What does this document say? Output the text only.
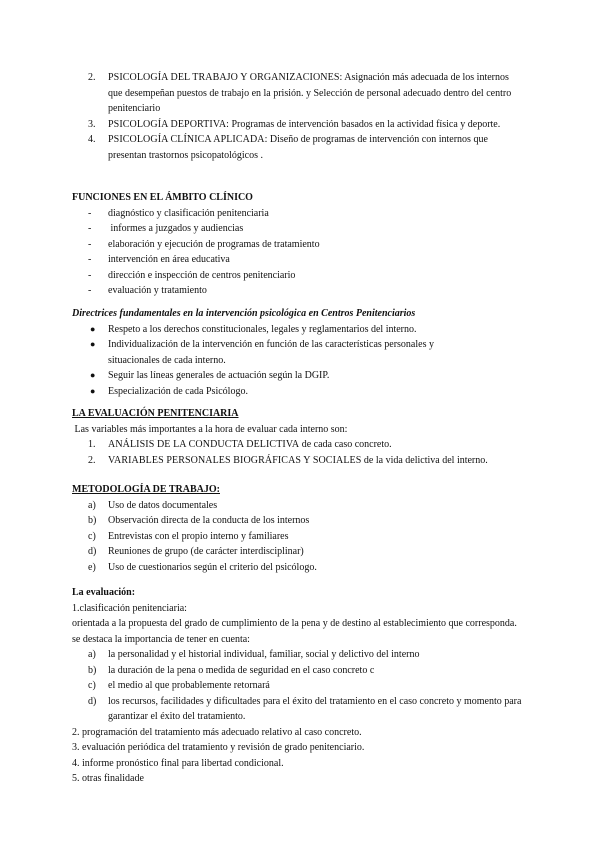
2. PSICOLOGÍA DEL TRABAJO Y ORGANIZACIONES: Asignación más adecuada de los internos que desempeñan puestos de trabajo en la prisión. y Selección de personal adecuado dentro del centro penitenciario
3. PSICOLOGÍA DEPORTIVA: Programas de intervención basados en la actividad física y deporte.
4. PSICOLOGÍA CLÍNICA APLICADA: Diseño de programas de intervención con internos que presentan trastornos psicopatológicos .
FUNCIONES EN EL ÁMBITO CLÍNICO
- diagnóstico y clasificación penitenciaria
- informes a juzgados y audiencias
- elaboración y ejecución de programas de tratamiento
- intervención en área educativa
- dirección e inspección de centros penitenciario
- evaluación y tratamiento
Directrices fundamentales en la intervención psicológica en Centros Penitenciarios
● Respeto a los derechos constitucionales, legales y reglamentarios del interno.
● Individualización de la intervención en función de las características personales y situacionales de cada interno.
● Seguir las líneas generales de actuación según la DGIP.
● Especialización de cada Psicólogo.
LA EVALUACIÓN PENITENCIARIA
Las variables más importantes a la hora de evaluar cada interno son:
1. ANÁLISIS DE LA CONDUCTA DELICTIVA de cada caso concreto.
2. VARIABLES PERSONALES BIOGRÁFICAS Y SOCIALES de la vida delictiva del interno.
METODOLOGÍA DE TRABAJO:
a) Uso de datos documentales
b) Observación directa de la conducta de los internos
c) Entrevistas con el propio interno y familiares
d) Reuniones de grupo (de carácter interdisciplinar)
e) Uso de cuestionarios según el criterio del psicólogo.
La evaluación:
1.clasificación penitenciaria:
orientada a la propuesta del grado de cumplimiento de la pena y de destino al establecimiento que corresponda. se destaca la importancia de tener en cuenta:
a) la personalidad y el historial individual, familiar, social y delictivo del interno
b) la duración de la pena o medida de seguridad en el caso concreto c
c) el medio al que probablemente retornará
d) los recursos, facilidades y dificultades para el éxito del tratamiento en el caso concreto y momento para garantizar el éxito del tratamiento.
2. programación del tratamiento más adecuado relativo al caso concreto.
3. evaluación periódica del tratamiento y revisión de grado penitenciario.
4. informe pronóstico final para libertad condicional.
5. otras finalidade
